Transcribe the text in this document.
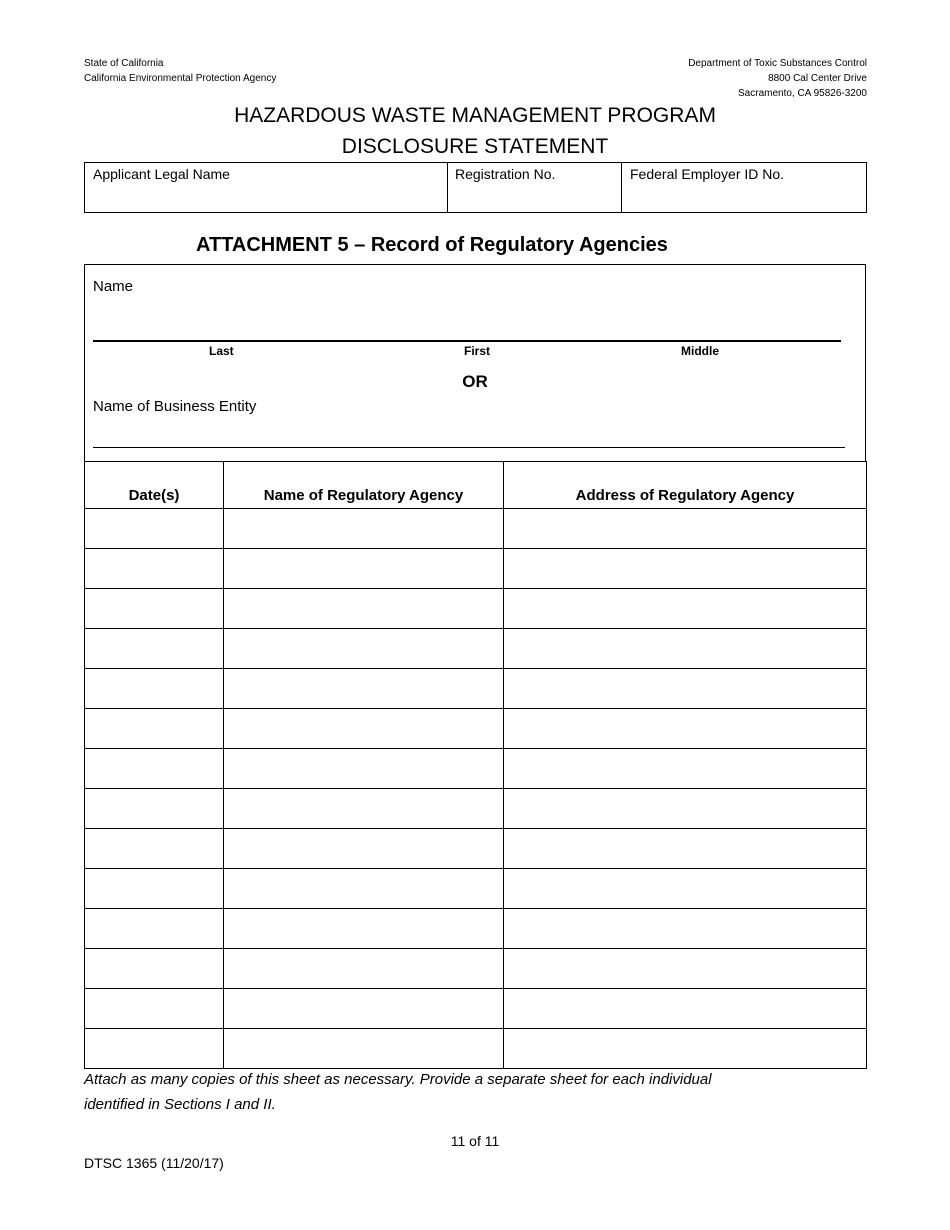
State of California
California Environmental Protection Agency
Department of Toxic Substances Control
8800 Cal Center Drive
Sacramento, CA 95826-3200
HAZARDOUS WASTE MANAGEMENT PROGRAM
DISCLOSURE STATEMENT
Applicant Legal Name	Registration No.	Federal Employer ID No.
ATTACHMENT 5 – Record of Regulatory Agencies
Name
Last	First	Middle
OR
Name of Business Entity
Date(s)	Name of Regulatory Agency	Address of Regulatory Agency

Attach as many copies of this sheet as necessary. Provide a separate sheet for each individual
identified in Sections I and II.
11 of 11
DTSC 1365 (11/20/17)
